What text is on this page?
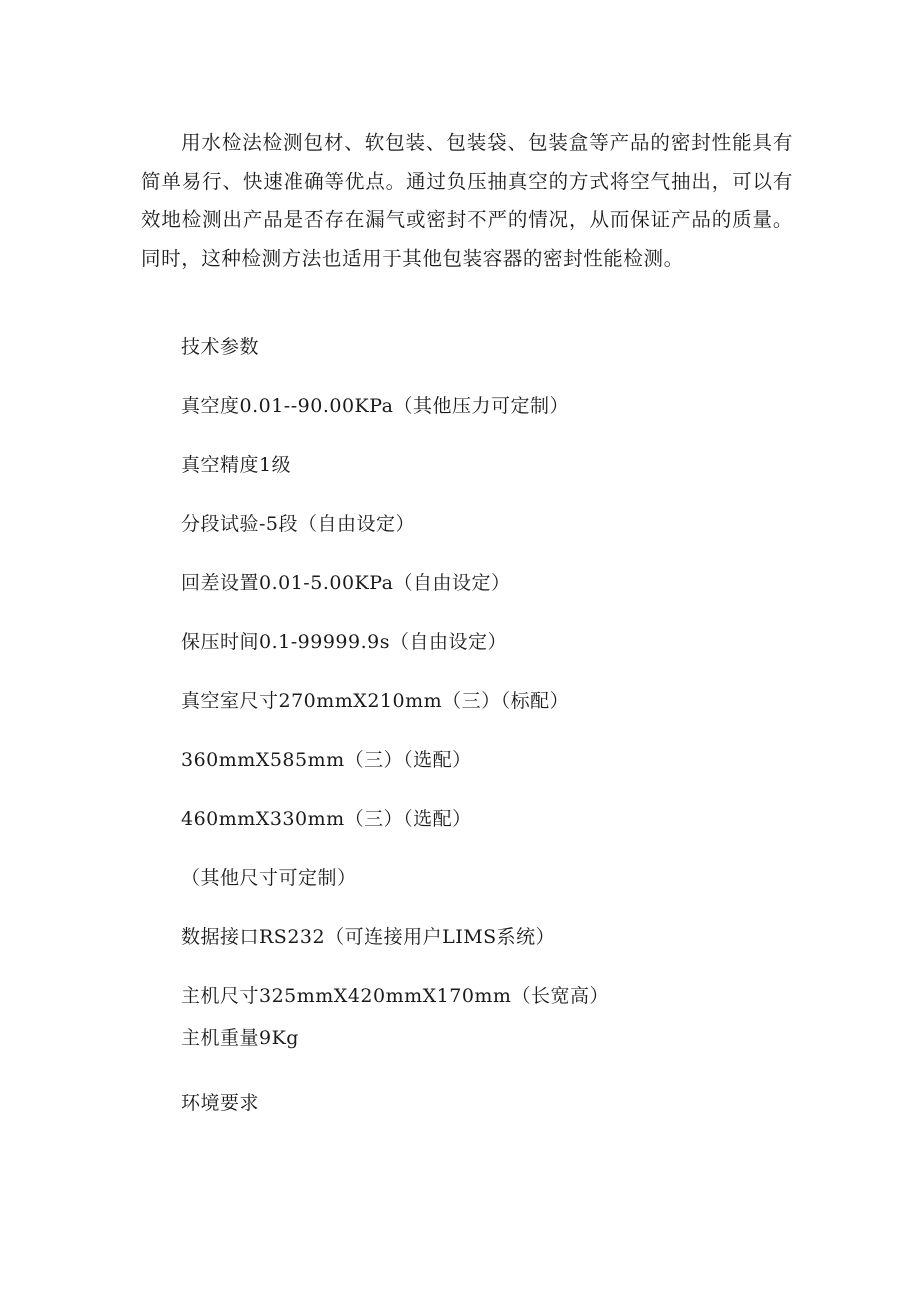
用水检法检测包材、软包装、包装袋、包装盒等产品的密封性能具有简单易行、快速准确等优点。通过负压抽真空的方式将空气抽出，可以有效地检测出产品是否存在漏气或密封不严的情况，从而保证产品的质量。同时，这种检测方法也适用于其他包装容器的密封性能检测。

技术参数

真空度0.01--90.00KPa（其他压力可定制）

真空精度1级

分段试验-5段（自由设定）

回差设置0.01-5.00KPa（自由设定）

保压时间0.1-99999.9s（自由设定）

真空室尺寸270mmX210mm（三）（标配）

360mmX585mm（三）（选配）

460mmX330mm（三）（选配）

（其他尺寸可定制）

数据接口RS232（可连接用户LIMS系统）

主机尺寸325mmX420mmX170mm（长宽高）

主机重量9Kg

环境要求
